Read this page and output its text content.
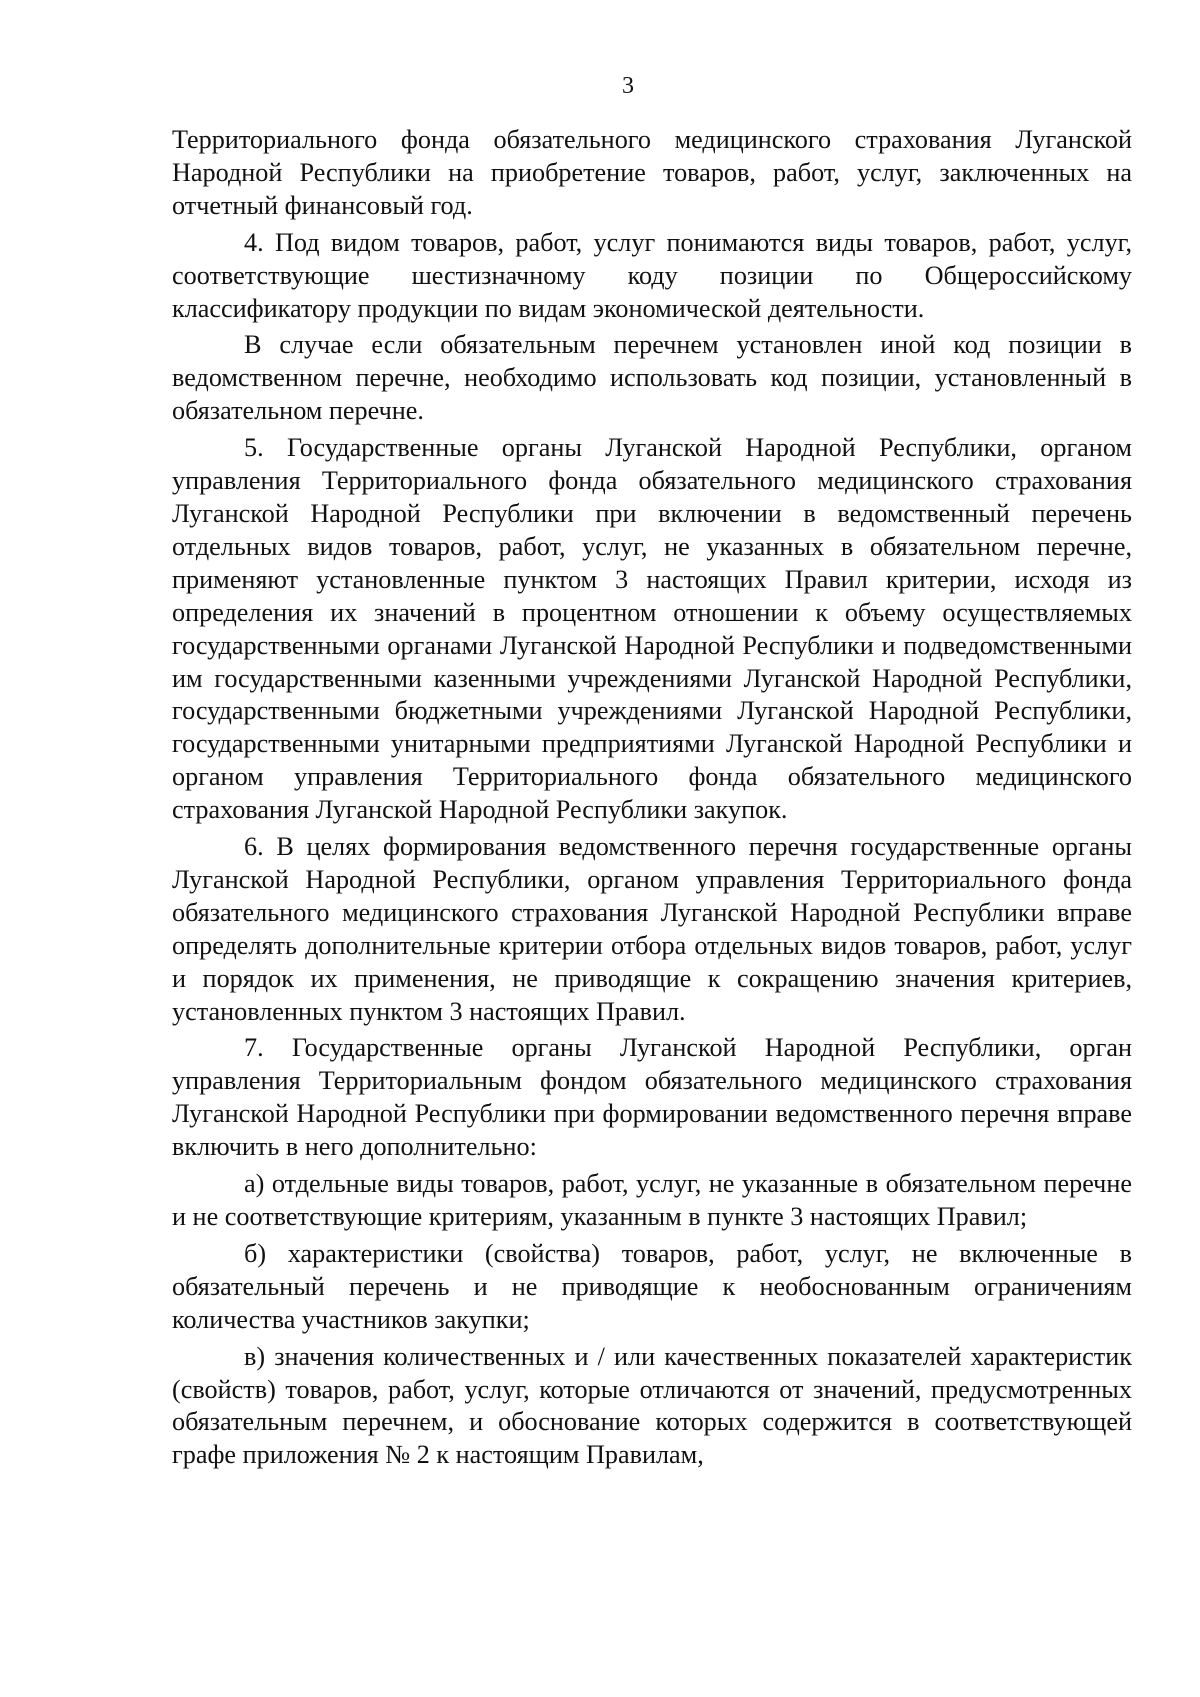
3

Территориального фонда обязательного медицинского страхования Луганской Народной Республики на приобретение товаров, работ, услуг, заключенных на отчетный финансовый год.

4. Под видом товаров, работ, услуг понимаются виды товаров, работ, услуг, соответствующие шестизначному коду позиции по Общероссийскому классификатору продукции по видам экономической деятельности.

В случае если обязательным перечнем установлен иной код позиции в ведомственном перечне, необходимо использовать код позиции, установленный в обязательном перечне.

5. Государственные органы Луганской Народной Республики, органом управления Территориального фонда обязательного медицинского страхования Луганской Народной Республики при включении в ведомственный перечень отдельных видов товаров, работ, услуг, не указанных в обязательном перечне, применяют установленные пунктом 3 настоящих Правил критерии, исходя из определения их значений в процентном отношении к объему осуществляемых государственными органами Луганской Народной Республики и подведомственными им государственными казенными учреждениями Луганской Народной Республики, государственными бюджетными учреждениями Луганской Народной Республики, государственными унитарными предприятиями Луганской Народной Республики и органом управления Территориального фонда обязательного медицинского страхования Луганской Народной Республики закупок.

6. В целях формирования ведомственного перечня государственные органы Луганской Народной Республики, органом управления Территориального фонда обязательного медицинского страхования Луганской Народной Республики вправе определять дополнительные критерии отбора отдельных видов товаров, работ, услуг и порядок их применения, не приводящие к сокращению значения критериев, установленных пунктом 3 настоящих Правил.

7. Государственные органы Луганской Народной Республики, орган управления Территориальным фондом обязательного медицинского страхования Луганской Народной Республики при формировании ведомственного перечня вправе включить в него дополнительно:

а) отдельные виды товаров, работ, услуг, не указанные в обязательном перечне и не соответствующие критериям, указанным в пункте 3 настоящих Правил;

б) характеристики (свойства) товаров, работ, услуг, не включенные в обязательный перечень и не приводящие к необоснованным ограничениям количества участников закупки;

в) значения количественных и / или качественных показателей характеристик (свойств) товаров, работ, услуг, которые отличаются от значений, предусмотренных обязательным перечнем, и обоснование которых содержится в соответствующей графе приложения № 2 к настоящим Правилам,
